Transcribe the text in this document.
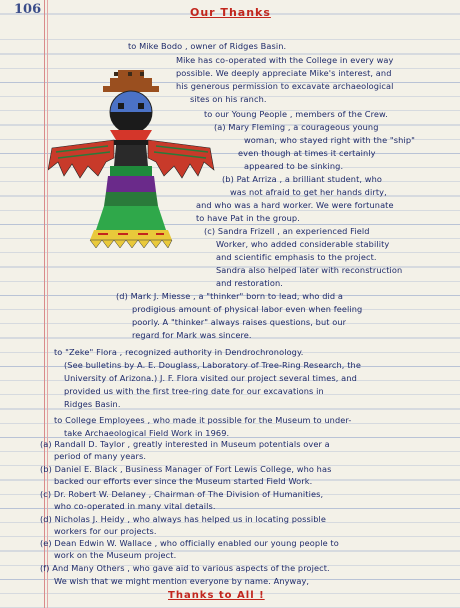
106	Our Thanks
to Mike Bodo , owner of Ridges Basin.
Mike has co-operated with the College in every way
possible. We deeply appreciate Mike's interest, and
his generous permission to excavate archaeological
sites on his ranch.
to our Young People , members of the Crew.
(a) Mary Fleming , a courageous young
woman, who stayed right with the "ship"
even though at times it certainly
appeared to be sinking.
(b) Pat Arriza , a brilliant student, who
was not afraid to get her hands dirty,
and who was a hard worker. We were fortunate
to have Pat in the group.
(c) Sandra Frizell , an experienced Field
Worker, who added considerable stability
and scientific emphasis to the project.
Sandra also helped later with reconstruction
and restoration.
(d) Mark J. Miesse , a "thinker" born to lead, who did a
prodigious amount of physical labor even when feeling
poorly. A "thinker" always raises questions, but our
regard for Mark was sincere.
to "Zeke" Flora , recognized authority in Dendrochronology.
(See bulletins by A. E. Douglass, Laboratory of Tree-Ring Research, the
University of Arizona.) J. F. Flora visited our project several times, and
provided us with the first tree-ring date for our excavations in
Ridges Basin.
to College Employees , who made it possible for the Museum to under-
take Archaeological Field Work in 1969.
(a) Randall D. Taylor , greatly interested in Museum potentials over a
period of many years.
(b) Daniel E. Black , Business Manager of Fort Lewis College, who has
backed our efforts ever since the Museum started Field Work.
(c) Dr. Robert W. Delaney , Chairman of The Division of Humanities,
who co-operated in many vital details.
(d) Nicholas J. Heidy , who always has helped us in locating possible
workers for our projects.
(e) Dean Edwin W. Wallace , who officially enabled our young people to
(f) And Many Others , who gave aid to various aspects of the project.
We wish that we might mention everyone by name. Anyway,
Thanks to All !
work on the Museum project.
